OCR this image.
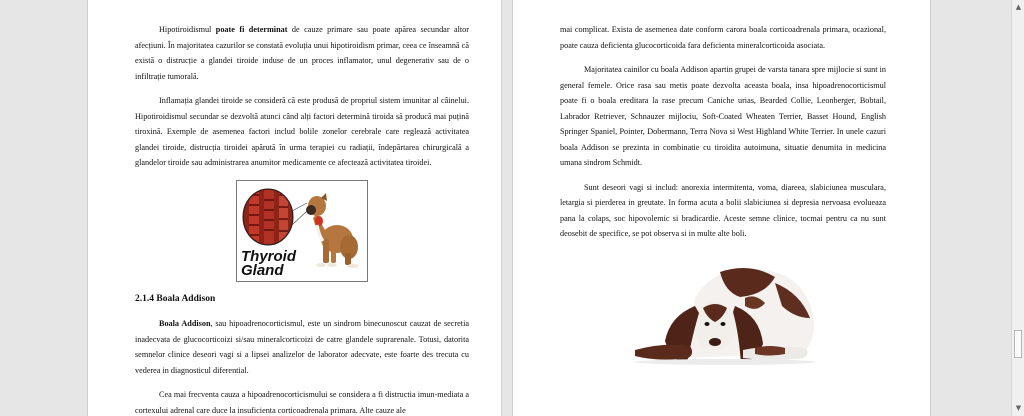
Hipotiroidismul poate fi determinat de cauze primare sau poate apărea secundar altor afecțiuni. În majoritatea cazurilor se constată evoluția unui hipotiroidism primar, ceea ce înseamnă că există o distrucție a glandei tiroide induse de un proces inflamator, unul degenerativ sau de o infiltrație tumorală.

Inflamația glandei tiroide se consideră că este produsă de propriul sistem imunitar al câinelui. Hipotiroidismul secundar se dezvoltă atunci când alți factori determină tiroida să producă mai puțină tiroxină. Exemple de asemenea factori includ bolile zonelor cerebrale care reglează activitatea glandei tiroide, distrucția tiroidei apărută în urma terapiei cu radiații, îndepărtarea chirurgicală a glandelor tiroide sau administrarea anumitor medicamente ce afectează activitatea tiroidei.

Thyroid
Gland
2.1.4 Boala Addison

Boala Addison, sau hipoadrenocorticismul, este un sindrom binecunoscut cauzat de secretia inadecvata de glucocorticoizi si/sau mineralcorticoizi de catre glandele suprarenale. Totusi, datorita semnelor clinice deseori vagi si a lipsei analizelor de laborator adecvate, este foarte des trecuta cu vederea in diagnosticul diferential.

Cea mai frecventa cauza a hipoadrenocorticismului se considera a fi distructia imun-mediata a cortexului adrenal care duce la insuficienta corticoadrenala primara. Alte cauze ale

mai complicat. Exista de asemenea date conform carora boala corticoadrenala primara, ocazional, poate cauza deficienta glucocorticoida fara deficienta mineralcorticoida asociata.

Majoritatea cainilor cu boala Addison apartin grupei de varsta tanara spre mijlocie si sunt in general femele. Orice rasa sau metis poate dezvolta aceasta boala, insa hipoadrenocorticismul poate fi o boala ereditara la rase precum Caniche urias, Bearded Collie, Leonberger, Bobtail, Labrador Retriever, Schnauzer mijlociu, Soft-Coated Wheaten Terrier, Basset Hound, English Springer Spaniel, Pointer, Dobermann, Terra Nova si West Highland White Terrier. In unele cazuri boala Addison se prezinta in combinatie cu tiroidita autoimuna, situatie denumita in medicina umana sindrom Schmidt.

Sunt deseori vagi si includ: anorexia intermitenta, voma, diareea, slabiciunea musculara, letargia si pierderea in greutate. In forma acuta a bolii slabiciunea si depresia nervoasa evolueaza pana la colaps, soc hipovolemic si bradicardie. Aceste semne clinice, tocmai pentru ca nu sunt deosebit de specifice, se pot observa si in multe alte boli.

▲
▼
